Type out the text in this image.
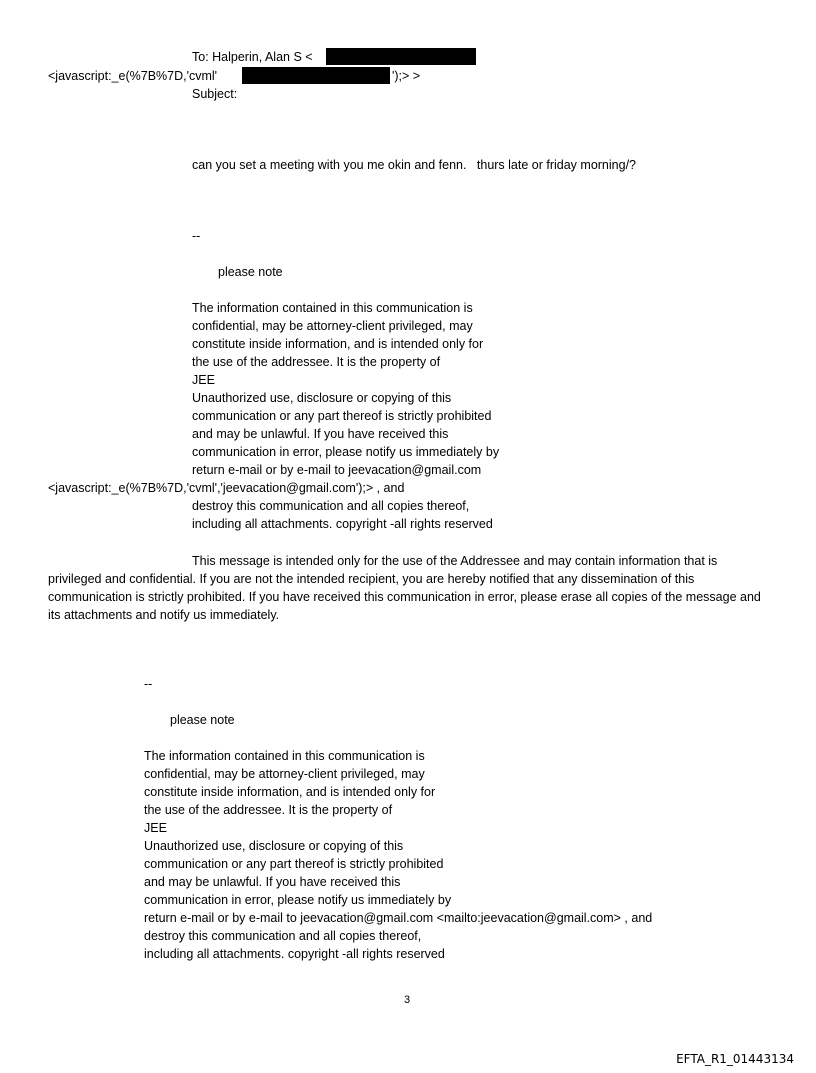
To: Halperin, Alan S <
<javascript:_e(%7B%7D,'cvml'	');> >
Subject:
can you set a meeting with you me okin and fenn.   thurs late or friday morning/?
--
please note
The information contained in this communication is
confidential, may be attorney-client privileged, may
constitute inside information, and is intended only for
the use of the addressee. It is the property of
JEE
Unauthorized use, disclosure or copying of this
communication or any part thereof is strictly prohibited
and may be unlawful. If you have received this
communication in error, please notify us immediately by
return e-mail or by e-mail to jeevacation@gmail.com
<javascript:_e(%7B%7D,'cvml','jeevacation@gmail.com');> , and
destroy this communication and all copies thereof,
including all attachments. copyright -all rights reserved
This message is intended only for the use of the Addressee and may contain information that is privileged and confidential. If you are not the intended recipient, you are hereby notified that any dissemination of this communication is strictly prohibited. If you have received this communication in error, please erase all copies of the message and its attachments and notify us immediately.
--
please note
The information contained in this communication is
confidential, may be attorney-client privileged, may
constitute inside information, and is intended only for
the use of the addressee. It is the property of
JEE
Unauthorized use, disclosure or copying of this
communication or any part thereof is strictly prohibited
and may be unlawful. If you have received this
communication in error, please notify us immediately by
return e-mail or by e-mail to jeevacation@gmail.com <mailto:jeevacation@gmail.com> , and
destroy this communication and all copies thereof,
including all attachments. copyright -all rights reserved
3
EFTA_R1_01443134
